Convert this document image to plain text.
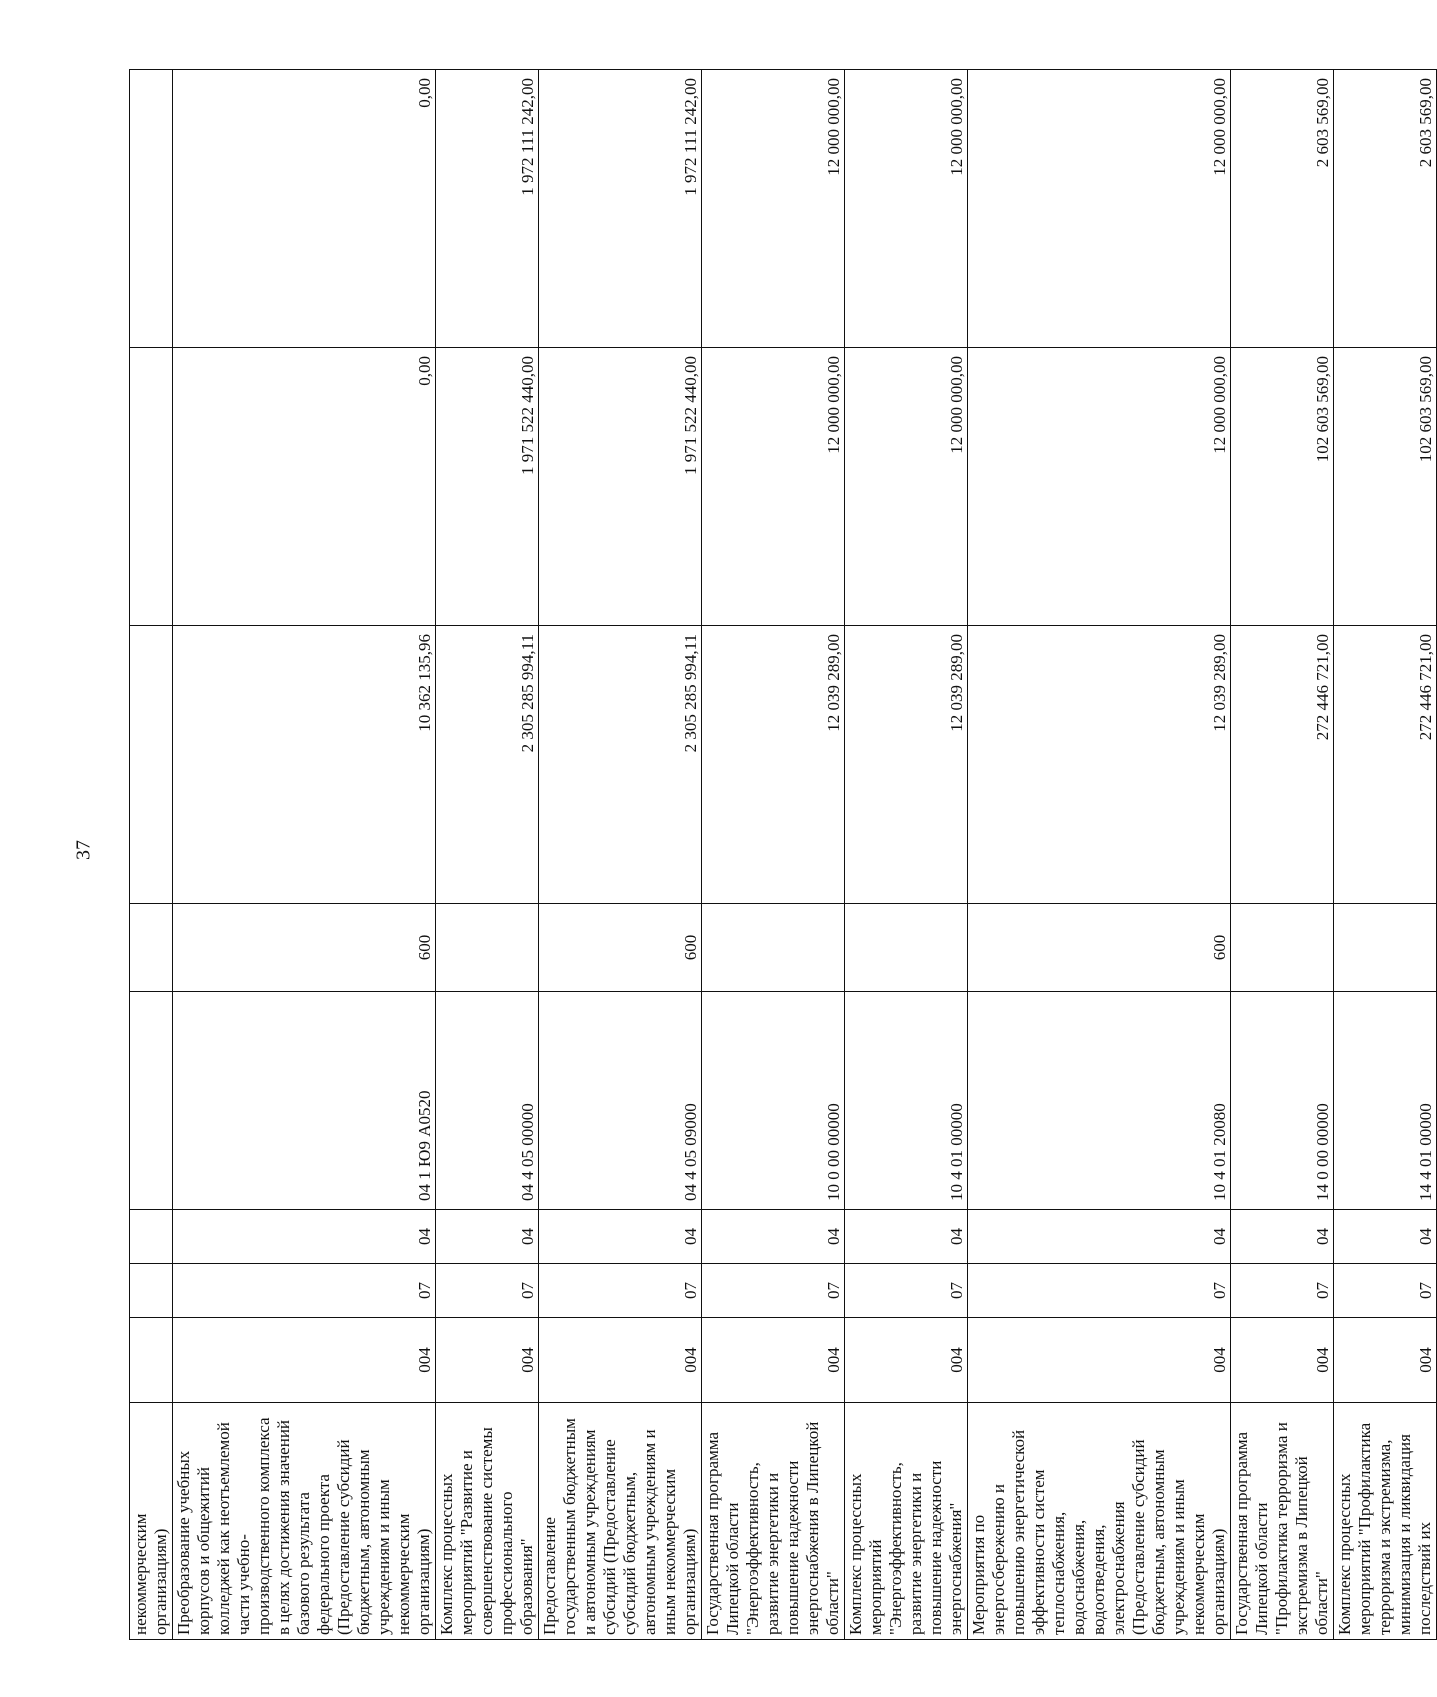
37
некоммерческим организациям)								
Преобразование учебных корпусов и общежитий колледжей как неотъемлемой части учебно-производственного комплекса в целях достижения значений базового результата федерального проекта (Предоставление субсидий бюджетным, автономным учреждениям и иным некоммерческим организациям)	004	07	04	04 1 Ю9 А0520	600	10 362 135,96	0,00	0,00
Комплекс процессных мероприятий "Развитие и совершенствование системы профессионального образования"	004	07	04	04 4 05 00000		2 305 285 994,11	1 971 522 440,00	1 972 111 242,00
Предоставление государственным бюджетным и автономным учреждениям субсидий (Предоставление субсидий бюджетным, автономным учреждениям и иным некоммерческим организациям)	004	07	04	04 4 05 09000	600	2 305 285 994,11	1 971 522 440,00	1 972 111 242,00
Государственная программа Липецкой области "Энергоэффективность, развитие энергетики и повышение надежности энергоснабжения в Липецкой области"	004	07	04	10 0 00 00000		12 039 289,00	12 000 000,00	12 000 000,00
Комплекс процессных мероприятий "Энергоэффективность, развитие энергетики и повышение надежности энергоснабжения"	004	07	04	10 4 01 00000		12 039 289,00	12 000 000,00	12 000 000,00
Мероприятия по энергосбережению и повышению энергетической эффективности систем теплоснабжения, водоснабжения, водоотведения, электроснабжения (Предоставление субсидий бюджетным, автономным учреждениям и иным некоммерческим организациям)	004	07	04	10 4 01 20080	600	12 039 289,00	12 000 000,00	12 000 000,00
Государственная программа Липецкой области "Профилактика терроризма и экстремизма в Липецкой области"	004	07	04	14 0 00 00000		272 446 721,00	102 603 569,00	2 603 569,00
Комплекс процессных мероприятий "Профилактика терроризма и экстремизма, минимизация и ликвидация последствий их	004	07	04	14 4 01 00000		272 446 721,00	102 603 569,00	2 603 569,00
